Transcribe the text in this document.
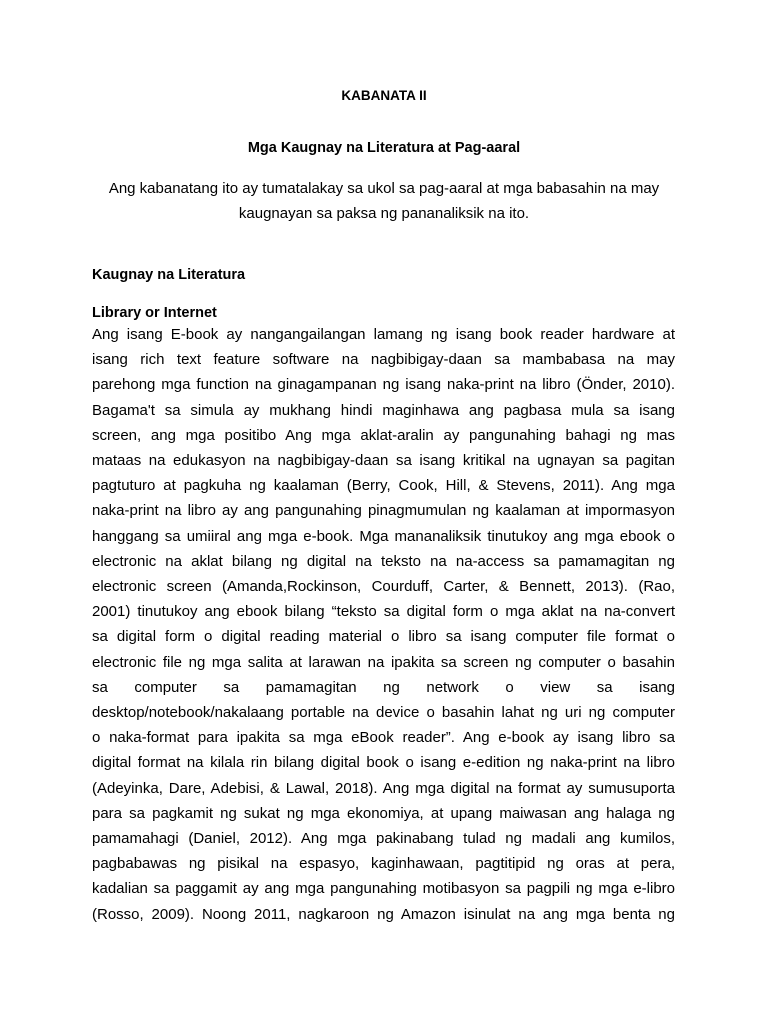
KABANATA II
Mga Kaugnay na Literatura at Pag-aaral

Ang kabanatang ito ay tumatalakay sa ukol sa pag-aaral at mga babasahin na may
kaugnayan sa paksa ng pananaliksik na ito.

Kaugnay na Literatura
Library or Internet

Ang isang E-book ay nangangailangan lamang ng isang book reader hardware at
isang rich text feature software na nagbibigay-daan sa mambabasa na may
parehong mga function na ginagampanan ng isang naka-print na libro (Önder, 2010).
Bagama't sa simula ay mukhang hindi maginhawa ang pagbasa mula sa isang
screen, ang mga positibo Ang mga aklat-aralin ay pangunahing bahagi ng mas
mataas na edukasyon na nagbibigay-daan sa isang kritikal na ugnayan sa pagitan
pagtuturo at pagkuha ng kaalaman (Berry, Cook, Hill, & Stevens, 2011). Ang mga
naka-print na libro ay ang pangunahing pinagmumulan ng kaalaman at impormasyon
hanggang sa umiiral ang mga e-book. Mga mananaliksik tinutukoy ang mga ebook o
electronic na aklat bilang ng digital na teksto na na-access sa pamamagitan ng
electronic screen (Amanda,Rockinson, Courduff, Carter, & Bennett, 2013). (Rao,
2001) tinutukoy ang ebook bilang “teksto sa digital form o mga aklat na na-convert
sa digital form o digital reading material o libro sa isang computer file format o
electronic file ng mga salita at larawan na ipakita sa screen ng computer o basahin
sa computer sa pamamagitan ng network o view sa isang
desktop/notebook/nakalaang portable na device o basahin lahat ng uri ng computer
o naka-format para ipakita sa mga eBook reader”. Ang e-book ay isang libro sa
digital format na kilala rin bilang digital book o isang e-edition ng naka-print na libro
(Adeyinka, Dare, Adebisi, & Lawal, 2018). Ang mga digital na format ay sumusuporta
para sa pagkamit ng sukat ng mga ekonomiya, at upang maiwasan ang halaga ng
pamamahagi (Daniel, 2012). Ang mga pakinabang tulad ng madali ang kumilos,
pagbabawas ng pisikal na espasyo, kaginhawaan, pagtitipid ng oras at pera,
kadalian sa paggamit ay ang mga pangunahing motibasyon sa pagpili ng mga e-libro
(Rosso, 2009). Noong 2011, nagkaroon ng Amazon isinulat na ang mga benta ng
